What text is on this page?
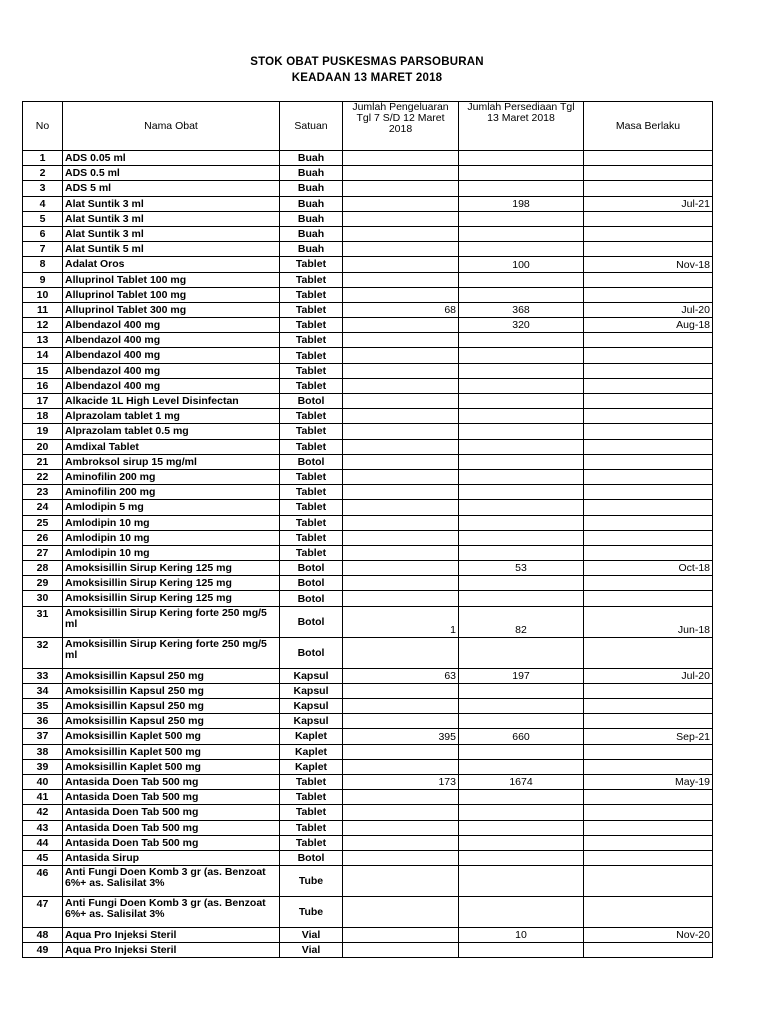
STOK OBAT PUSKESMAS PARSOBURAN
KEADAAN 13 MARET 2018
No	Nama Obat	Satuan	Jumlah Pengeluaran Tgl 7 S/D 12 Maret 2018	Jumlah Persediaan Tgl 13 Maret 2018	Masa Berlaku
1	ADS 0.05 ml	Buah			
2	ADS 0.5 ml	Buah			
3	ADS 5 ml	Buah			
4	Alat Suntik 3 ml	Buah		198	Jul-21
5	Alat Suntik 3 ml	Buah			
6	Alat Suntik 3 ml	Buah			
7	Alat Suntik 5 ml	Buah			
8	Adalat Oros	Tablet		100	Nov-18
9	Alluprinol Tablet 100 mg	Tablet			
10	Alluprinol Tablet 100 mg	Tablet			
11	Alluprinol Tablet 300 mg	Tablet	68	368	Jul-20
12	Albendazol 400 mg	Tablet		320	Aug-18
13	Albendazol 400 mg	Tablet			
14	Albendazol 400 mg	Tablet			
15	Albendazol 400 mg	Tablet			
16	Albendazol 400 mg	Tablet			
17	Alkacide 1L High Level Disinfectan	Botol			
18	Alprazolam tablet 1 mg	Tablet			
19	Alprazolam tablet 0.5 mg	Tablet			
20	Amdixal Tablet	Tablet			
21	Ambroksol sirup 15 mg/ml	Botol			
22	Aminofilin 200 mg	Tablet			
23	Aminofilin 200 mg	Tablet			
24	Amlodipin 5 mg	Tablet			
25	Amlodipin 10 mg	Tablet			
26	Amlodipin 10 mg	Tablet			
27	Amlodipin 10 mg	Tablet			
28	Amoksisillin Sirup Kering 125 mg	Botol		53	Oct-18
29	Amoksisillin Sirup Kering 125 mg	Botol			
30	Amoksisillin Sirup Kering 125 mg	Botol			
31	Amoksisillin Sirup Kering forte 250 mg/5 ml	Botol	1	82	Jun-18
32	Amoksisillin Sirup Kering forte 250 mg/5 ml	Botol			
33	Amoksisillin Kapsul 250 mg	Kapsul	63	197	Jul-20
34	Amoksisillin Kapsul 250 mg	Kapsul			
35	Amoksisillin Kapsul 250 mg	Kapsul			
36	Amoksisillin Kapsul 250 mg	Kapsul			
37	Amoksisillin Kaplet 500 mg	Kaplet	395	660	Sep-21
38	Amoksisillin Kaplet 500 mg	Kaplet			
39	Amoksisillin Kaplet 500 mg	Kaplet			
40	Antasida Doen Tab 500 mg	Tablet	173	1674	May-19
41	Antasida Doen Tab 500 mg	Tablet			
42	Antasida Doen Tab 500 mg	Tablet			
43	Antasida Doen Tab 500 mg	Tablet			
44	Antasida Doen Tab 500 mg	Tablet			
45	Antasida Sirup	Botol			
46	Anti Fungi Doen Komb 3 gr (as. Benzoat 6%+ as. Salisilat 3%	Tube			
47	Anti Fungi Doen Komb 3 gr (as. Benzoat 6%+ as. Salisilat 3%	Tube			
48	Aqua Pro Injeksi Steril	Vial		10	Nov-20
49	Aqua Pro Injeksi Steril	Vial			
